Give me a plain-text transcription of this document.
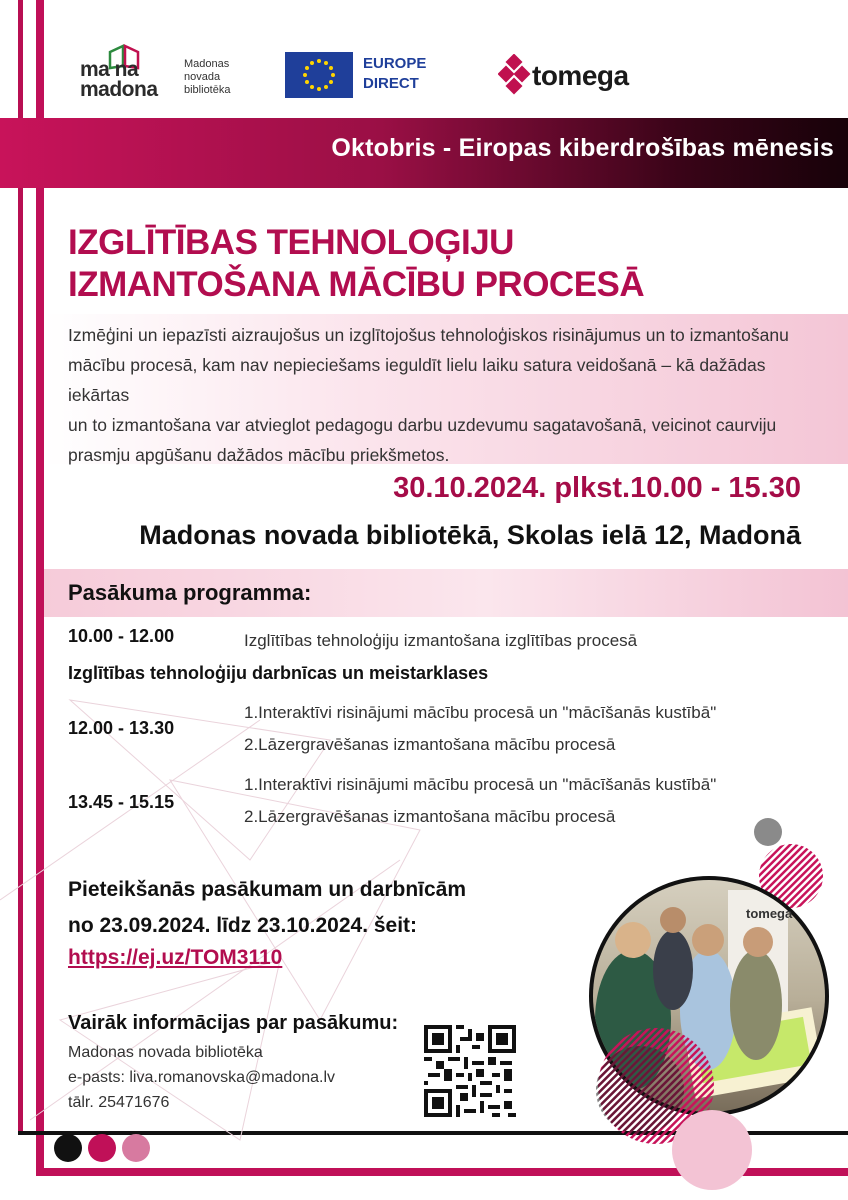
ma na
madona
Madonas
novada
bibliotēka
EUROPE
DIRECT	tomega
Oktobris - Eiropas kiberdrošības mēnesis
IZGLĪTĪBAS TEHNOLOĢIJU
IZMANTOŠANA MĀCĪBU PROCESĀ
Izmēģini un iepazīsti aizraujošus un izglītojošus tehnoloģiskos risinājumus un to izmantošanu
mācību procesā, kam nav nepieciešams ieguldīt lielu laiku satura veidošanā – kā dažādas iekārtas
un to izmantošana var atvieglot pedagogu darbu uzdevumu sagatavošanā, veicinot caurviju
prasmju apgūšanu dažādos mācību priekšmetos.
30.10.2024. plkst.10.00 - 15.30
Madonas novada bibliotēkā, Skolas ielā 12, Madonā
Pasākuma programma:
10.00 - 12.00	Izglītības tehnoloģiju izmantošana izglītības procesā
Izglītības tehnoloģiju darbnīcas un meistarklases
12.00 - 13.30
1.Interaktīvi risinājumi mācību procesā un "mācīšanās kustībā"
2.Lāzergravēšanas izmantošana mācību procesā
13.45 - 15.15
1.Interaktīvi risinājumi mācību procesā un "mācīšanās kustībā"
2.Lāzergravēšanas izmantošana mācību procesā
Pieteikšanās pasākumam un darbnīcām
no 23.09.2024. līdz 23.10.2024. šeit:
https://ej.uz/TOM3110
Vairāk informācijas par pasākumu:
Madonas novada bibliotēka
e-pasts: liva.romanovska@madona.lv
tālr. 25471676
tomega
